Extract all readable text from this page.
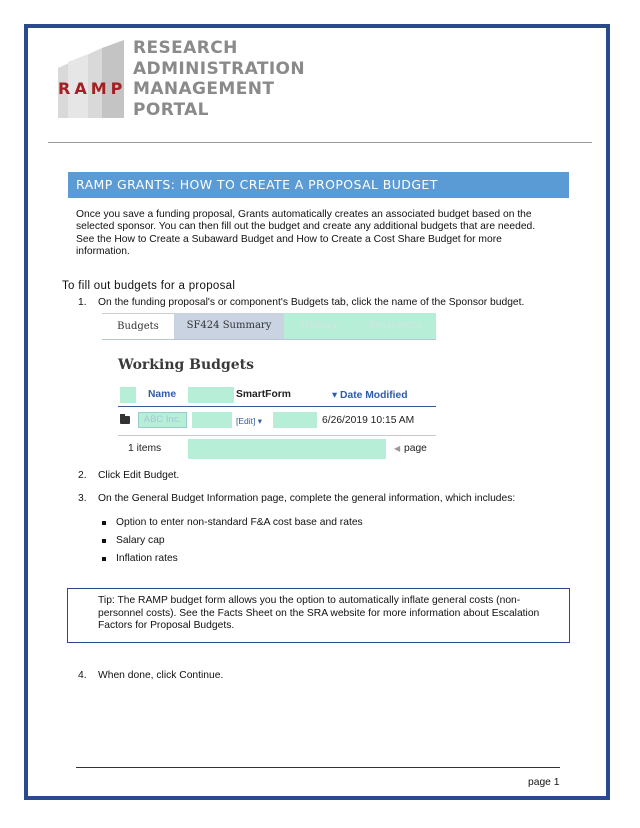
RAMP
RESEARCH
ADMINISTRATION
MANAGEMENT
PORTAL
RAMP GRANTS: HOW TO CREATE A PROPOSAL BUDGET
Once you save a funding proposal, Grants automatically creates an associated budget based on the selected sponsor. You can then fill out the budget and create any additional budgets that are needed. See the How to Create a Subaward Budget and How to Create a Cost Share Budget for more information.
To fill out budgets for a proposal
1. On the funding proposal's or component's Budgets tab, click the name of the Sponsor budget.
Budgets	SF424 Summary	History	Reviewers
Working Budgets
Name	SmartForm	▾ Date Modified
ABC Inc.	[Edit] ▾	6/26/2019 10:15 AM
1 items	◀ page
2. Click Edit Budget.
3. On the General Budget Information page, complete the general information, which includes:
Option to enter non-standard F&A cost base and rates
Salary cap
Inflation rates
Tip: The RAMP budget form allows you the option to automatically inflate general costs (non-personnel costs). See the Facts Sheet on the SRA website for more information about Escalation Factors for Proposal Budgets.
4. When done, click Continue.
page 1
